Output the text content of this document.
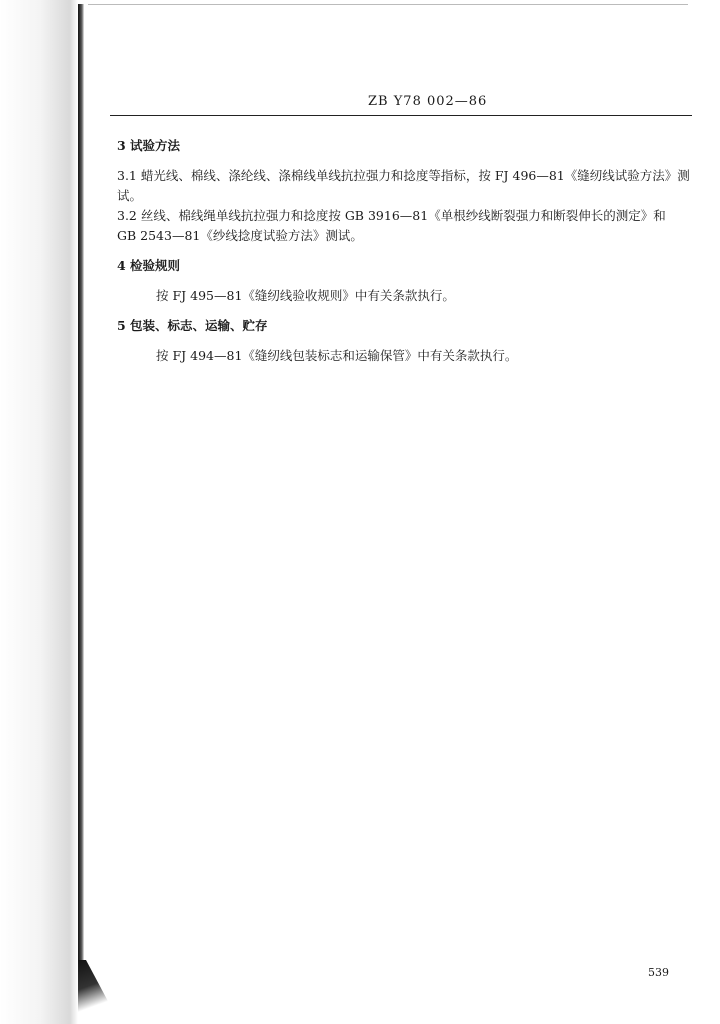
ZB Y78 002—86

3 试验方法

3.1 蜡光线、棉线、涤纶线、涤棉线单线抗拉强力和捻度等指标，按 FJ 496—81《缝纫线试验方法》测

试。

3.2 丝线、棉线绳单线抗拉强力和捻度按 GB 3916—81《单根纱线断裂强力和断裂伸长的测定》和

GB 2543—81《纱线捻度试验方法》测试。

4 检验规则

按 FJ 495—81《缝纫线验收规则》中有关条款执行。

5 包装、标志、运输、贮存

按 FJ 494—81《缝纫线包装标志和运输保管》中有关条款执行。

539
